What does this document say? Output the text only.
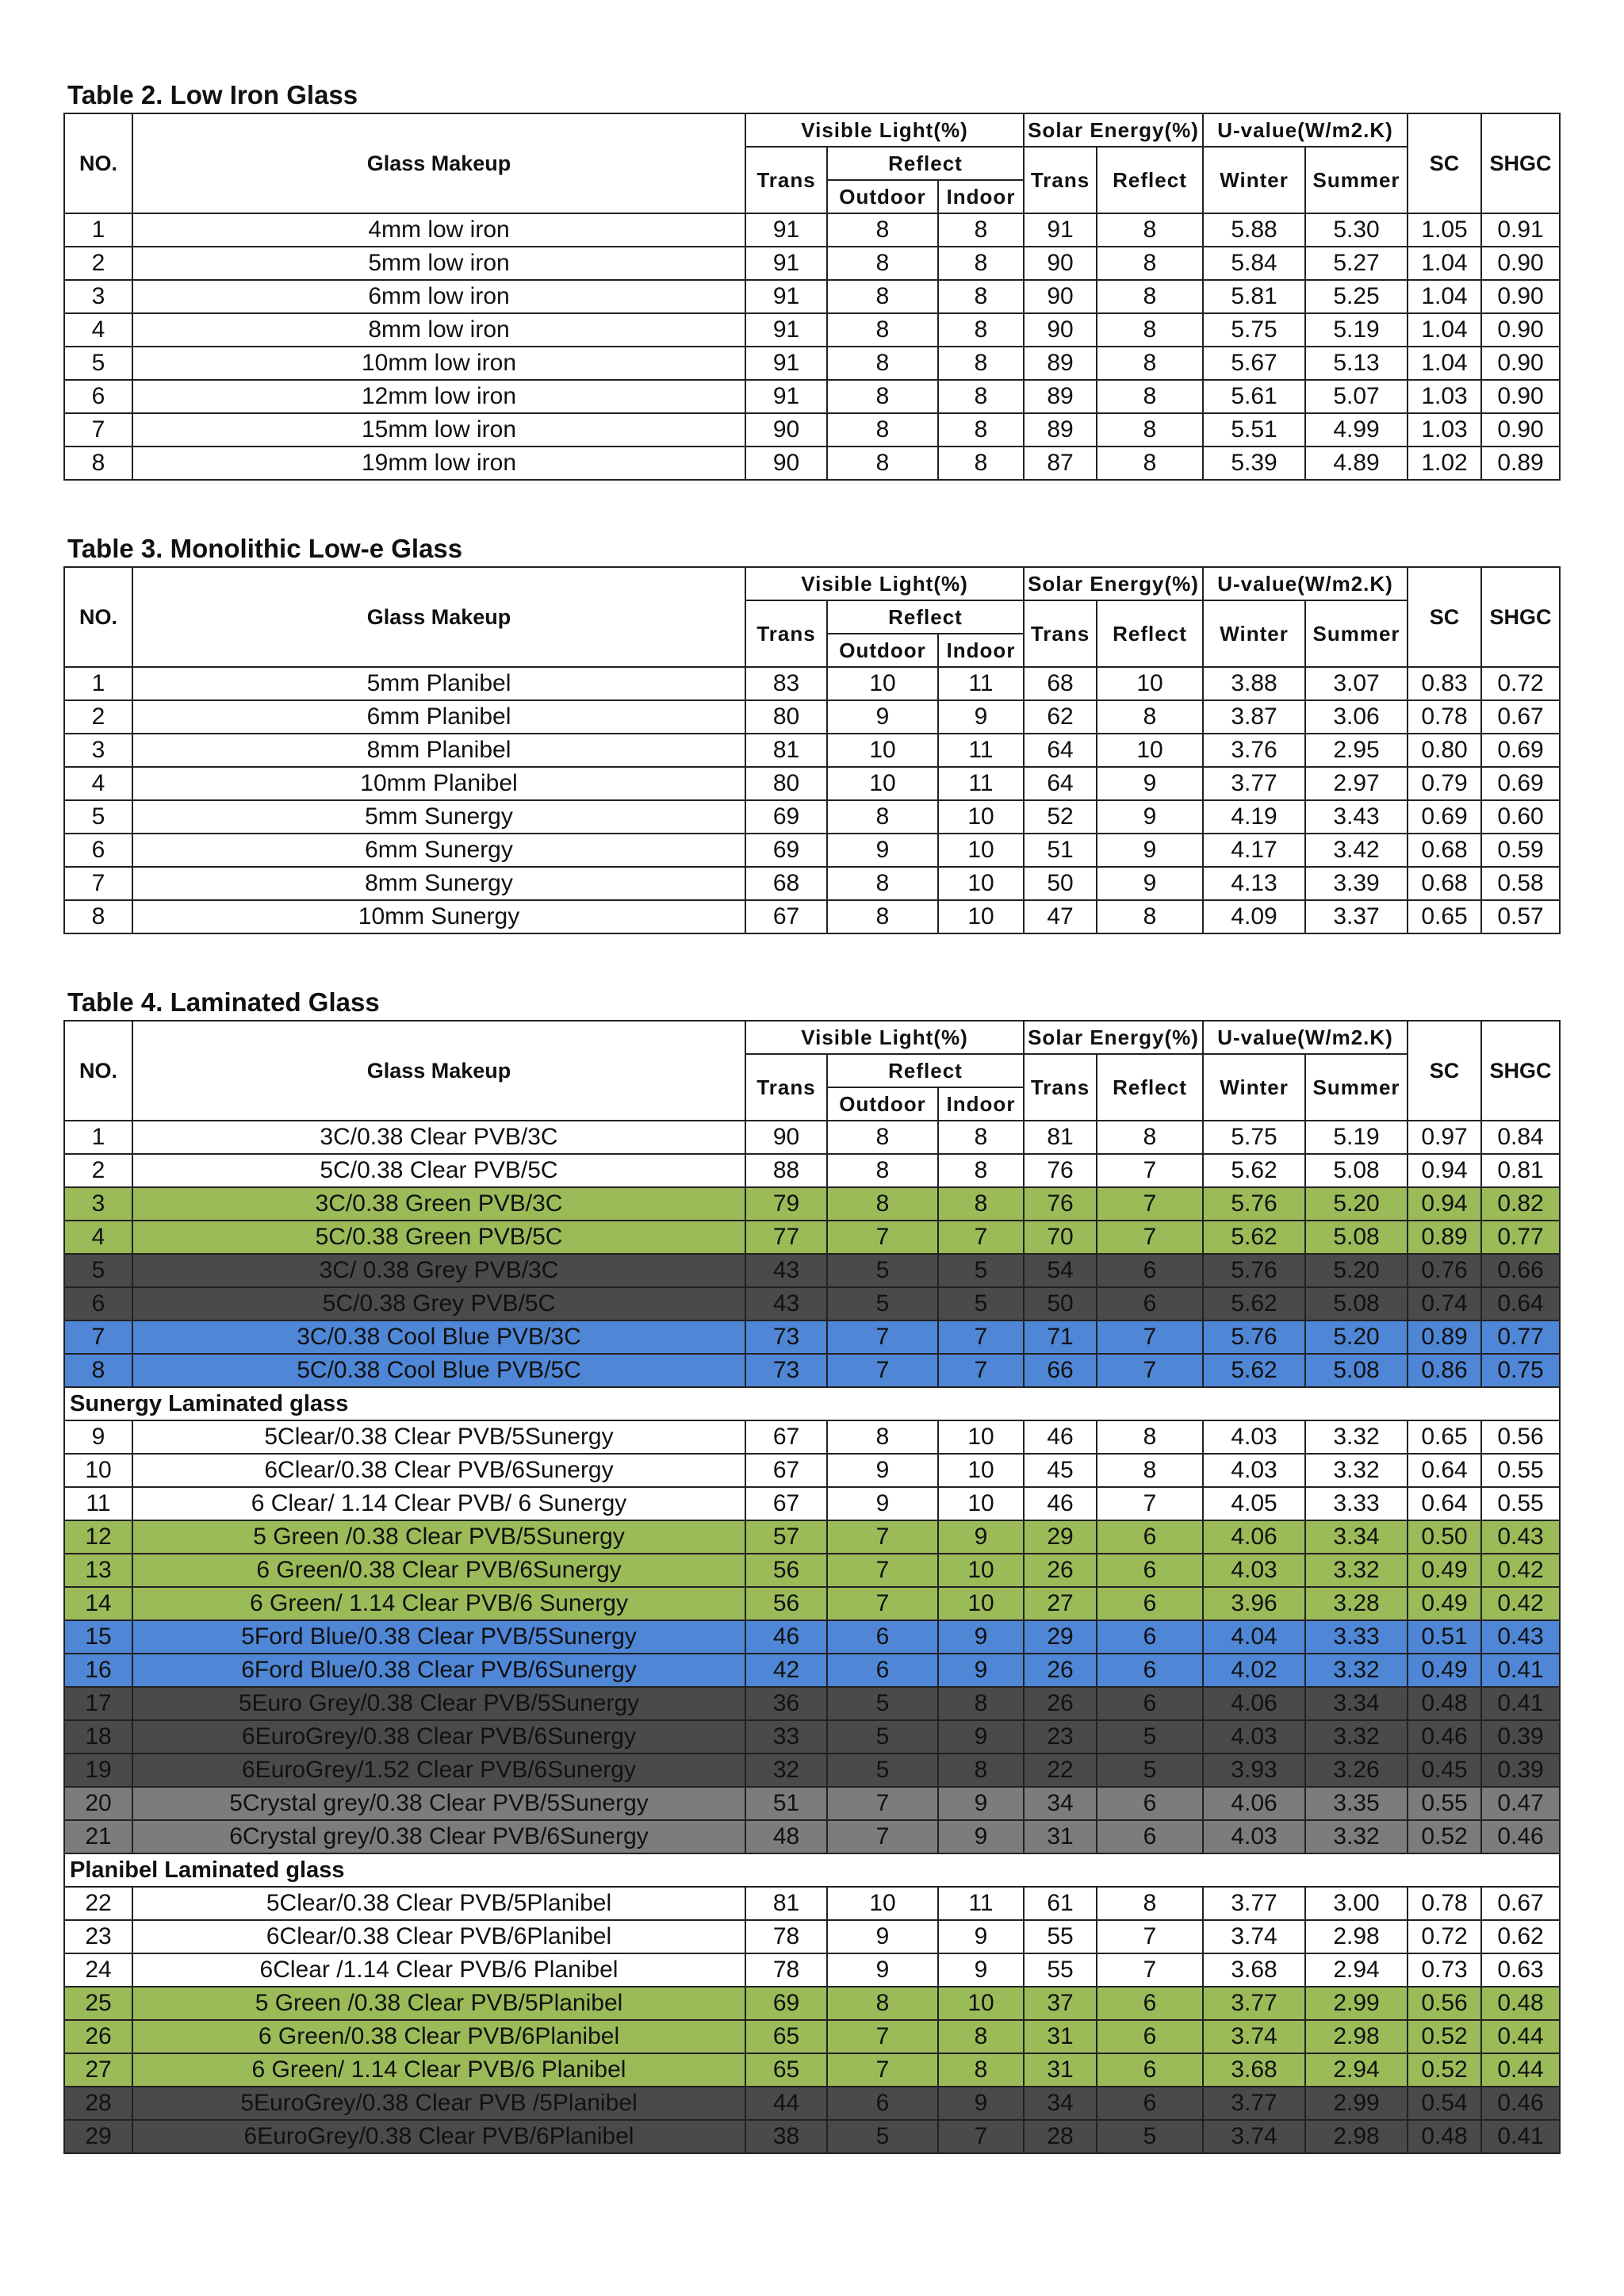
Table 2. Low Iron Glass
NO.	Glass Makeup	Visible Light(%)			Solar Energy(%)		U-value(W/m2.K)		SC	SHGC
		Trans	Reflect		Trans	Reflect	Winter	Summer		
			Outdoor	Indoor						
1	4mm low iron	91	8	8	91	8	5.88	5.30	1.05	0.91
2	5mm low iron	91	8	8	90	8	5.84	5.27	1.04	0.90
3	6mm low iron	91	8	8	90	8	5.81	5.25	1.04	0.90
4	8mm low iron	91	8	8	90	8	5.75	5.19	1.04	0.90
5	10mm low iron	91	8	8	89	8	5.67	5.13	1.04	0.90
6	12mm low iron	91	8	8	89	8	5.61	5.07	1.03	0.90
7	15mm low iron	90	8	8	89	8	5.51	4.99	1.03	0.90
8	19mm low iron	90	8	8	87	8	5.39	4.89	1.02	0.89
Table 3. Monolithic Low-e Glass
NO.	Glass Makeup	Visible Light(%)			Solar Energy(%)		U-value(W/m2.K)		SC	SHGC
		Trans	Reflect		Trans	Reflect	Winter	Summer		
			Outdoor	Indoor						
1	5mm Planibel	83	10	11	68	10	3.88	3.07	0.83	0.72
2	6mm Planibel	80	9	9	62	8	3.87	3.06	0.78	0.67
3	8mm Planibel	81	10	11	64	10	3.76	2.95	0.80	0.69
4	10mm Planibel	80	10	11	64	9	3.77	2.97	0.79	0.69
5	5mm Sunergy	69	8	10	52	9	4.19	3.43	0.69	0.60
6	6mm Sunergy	69	9	10	51	9	4.17	3.42	0.68	0.59
7	8mm Sunergy	68	8	10	50	9	4.13	3.39	0.68	0.58
8	10mm Sunergy	67	8	10	47	8	4.09	3.37	0.65	0.57
Table 4. Laminated Glass
NO.	Glass Makeup	Visible Light(%)			Solar Energy(%)		U-value(W/m2.K)		SC	SHGC
		Trans	Reflect		Trans	Reflect	Winter	Summer		
			Outdoor	Indoor						
1	3C/0.38 Clear PVB/3C	90	8	8	81	8	5.75	5.19	0.97	0.84
2	5C/0.38 Clear PVB/5C	88	8	8	76	7	5.62	5.08	0.94	0.81
3	3C/0.38 Green PVB/3C	79	8	8	76	7	5.76	5.20	0.94	0.82
4	5C/0.38 Green PVB/5C	77	7	7	70	7	5.62	5.08	0.89	0.77
5	3C/ 0.38 Grey PVB/3C	43	5	5	54	6	5.76	5.20	0.76	0.66
6	5C/0.38 Grey PVB/5C	43	5	5	50	6	5.62	5.08	0.74	0.64
7	3C/0.38 Cool Blue PVB/3C	73	7	7	71	7	5.76	5.20	0.89	0.77
8	5C/0.38 Cool Blue PVB/5C	73	7	7	66	7	5.62	5.08	0.86	0.75
Sunergy Laminated glass										
9	5Clear/0.38 Clear PVB/5Sunergy	67	8	10	46	8	4.03	3.32	0.65	0.56
10	6Clear/0.38 Clear PVB/6Sunergy	67	9	10	45	8	4.03	3.32	0.64	0.55
11	6 Clear/ 1.14 Clear PVB/ 6 Sunergy	67	9	10	46	7	4.05	3.33	0.64	0.55
12	5 Green /0.38 Clear PVB/5Sunergy	57	7	9	29	6	4.06	3.34	0.50	0.43
13	6 Green/0.38 Clear PVB/6Sunergy	56	7	10	26	6	4.03	3.32	0.49	0.42
14	6 Green/ 1.14 Clear PVB/6 Sunergy	56	7	10	27	6	3.96	3.28	0.49	0.42
15	5Ford Blue/0.38 Clear PVB/5Sunergy	46	6	9	29	6	4.04	3.33	0.51	0.43
16	6Ford Blue/0.38 Clear PVB/6Sunergy	42	6	9	26	6	4.02	3.32	0.49	0.41
17	5Euro Grey/0.38 Clear PVB/5Sunergy	36	5	8	26	6	4.06	3.34	0.48	0.41
18	6EuroGrey/0.38 Clear PVB/6Sunergy	33	5	9	23	5	4.03	3.32	0.46	0.39
19	6EuroGrey/1.52 Clear PVB/6Sunergy	32	5	8	22	5	3.93	3.26	0.45	0.39
20	5Crystal grey/0.38 Clear PVB/5Sunergy	51	7	9	34	6	4.06	3.35	0.55	0.47
21	6Crystal grey/0.38 Clear PVB/6Sunergy	48	7	9	31	6	4.03	3.32	0.52	0.46
Planibel Laminated glass										
22	5Clear/0.38 Clear PVB/5Planibel	81	10	11	61	8	3.77	3.00	0.78	0.67
23	6Clear/0.38 Clear PVB/6Planibel	78	9	9	55	7	3.74	2.98	0.72	0.62
24	6Clear /1.14 Clear PVB/6 Planibel	78	9	9	55	7	3.68	2.94	0.73	0.63
25	5 Green /0.38 Clear PVB/5Planibel	69	8	10	37	6	3.77	2.99	0.56	0.48
26	6 Green/0.38 Clear PVB/6Planibel	65	7	8	31	6	3.74	2.98	0.52	0.44
27	6 Green/ 1.14 Clear PVB/6 Planibel	65	7	8	31	6	3.68	2.94	0.52	0.44
28	5EuroGrey/0.38 Clear PVB /5Planibel	44	6	9	34	6	3.77	2.99	0.54	0.46
29	6EuroGrey/0.38 Clear PVB/6Planibel	38	5	7	28	5	3.74	2.98	0.48	0.41
